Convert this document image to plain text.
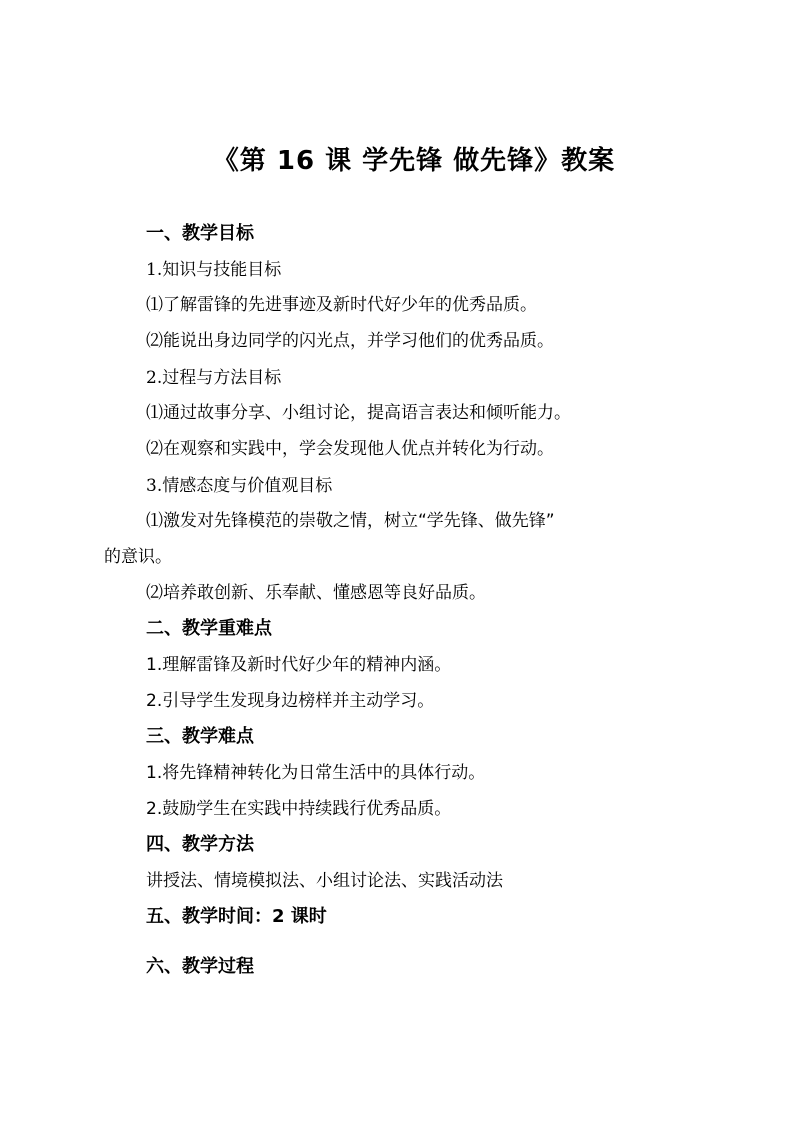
《第 16 课 学先锋 做先锋》教案
一、教学目标
1.知识与技能目标
⑴了解雷锋的先进事迹及新时代好少年的优秀品质。
⑵能说出身边同学的闪光点，并学习他们的优秀品质。
2.过程与方法目标
⑴通过故事分享、小组讨论，提高语言表达和倾听能力。
⑵在观察和实践中，学会发现他人优点并转化为行动。
3.情感态度与价值观目标
⑴激发对先锋模范的崇敬之情，树立“学先锋、做先锋”
的意识。
⑵培养敢创新、乐奉献、懂感恩等良好品质。
二、教学重难点
1.理解雷锋及新时代好少年的精神内涵。
2.引导学生发现身边榜样并主动学习。
三、教学难点
1.将先锋精神转化为日常生活中的具体行动。
2.鼓励学生在实践中持续践行优秀品质。
四、教学方法
讲授法、情境模拟法、小组讨论法、实践活动法
五、教学时间：2 课时
六、教学过程
